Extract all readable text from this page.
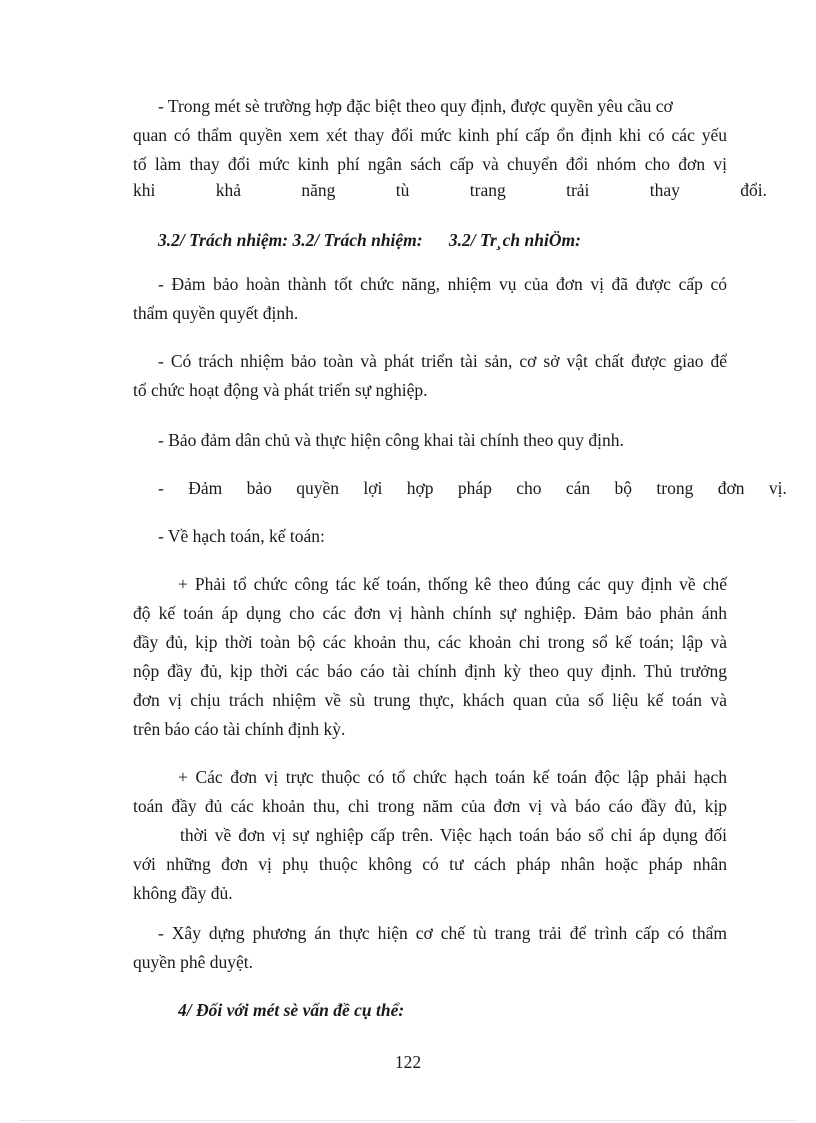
- Trong mét sè trường hợp đặc biệt theo quy định, được quyền yêu cầu cơ

quan có thẩm quyền xem xét thay đổi mức kinh phí cấp ổn định khi có các yếu

tố làm thay đổi mức kinh phí ngân sách cấp và chuyển đổi nhóm cho đơn vị

khi khả năng tù trang trải thay đổi.

3.2/ Trách nhiệm: 3.2/ Trách nhiệm:      3.2/ Tr¸ch nhiÖm:

- Đảm bảo hoàn thành tốt chức năng, nhiệm vụ của đơn vị đã được cấp có

thẩm quyền quyết định.

- Có trách nhiệm bảo toàn và phát triển tài sản, cơ sở vật chất được giao để

tổ chức hoạt động và phát triển sự nghiệp.

- Bảo đảm dân chủ và thực hiện công khai tài chính theo quy định.

- Đảm bảo quyền lợi hợp pháp cho cán bộ trong đơn vị.

- Về hạch toán, kế toán:

+ Phải tổ chức công tác kế toán, thống kê theo đúng các quy định về chế

độ kế toán áp dụng cho các đơn vị hành chính sự nghiệp. Đảm bảo phản ánh

đầy đủ, kịp thời toàn bộ các khoản thu, các khoản chi trong sổ kế toán; lập và

nộp đầy đủ, kịp thời các báo cáo tài chính định kỳ theo quy định. Thủ trưởng

đơn vị chịu trách nhiệm về sù trung thực, khách quan của số liệu kế toán và

trên báo cáo tài chính định kỳ.

+ Các đơn vị trực thuộc có tổ chức hạch toán kế toán độc lập phải hạch

toán đầy đủ các khoản thu, chi trong năm của đơn vị và báo cáo đầy đủ, kịp

thời về đơn vị sự nghiệp cấp trên. Việc hạch toán báo sổ chỉ áp dụng đối

với những đơn vị phụ thuộc không có tư cách pháp nhân hoặc pháp nhân

không đầy đủ.

- Xây dựng phương án thực hiện cơ chế tù trang trải để trình cấp có thẩm

quyền phê duyệt.

4/ Đối với mét sè vấn đề cụ thể:

122
